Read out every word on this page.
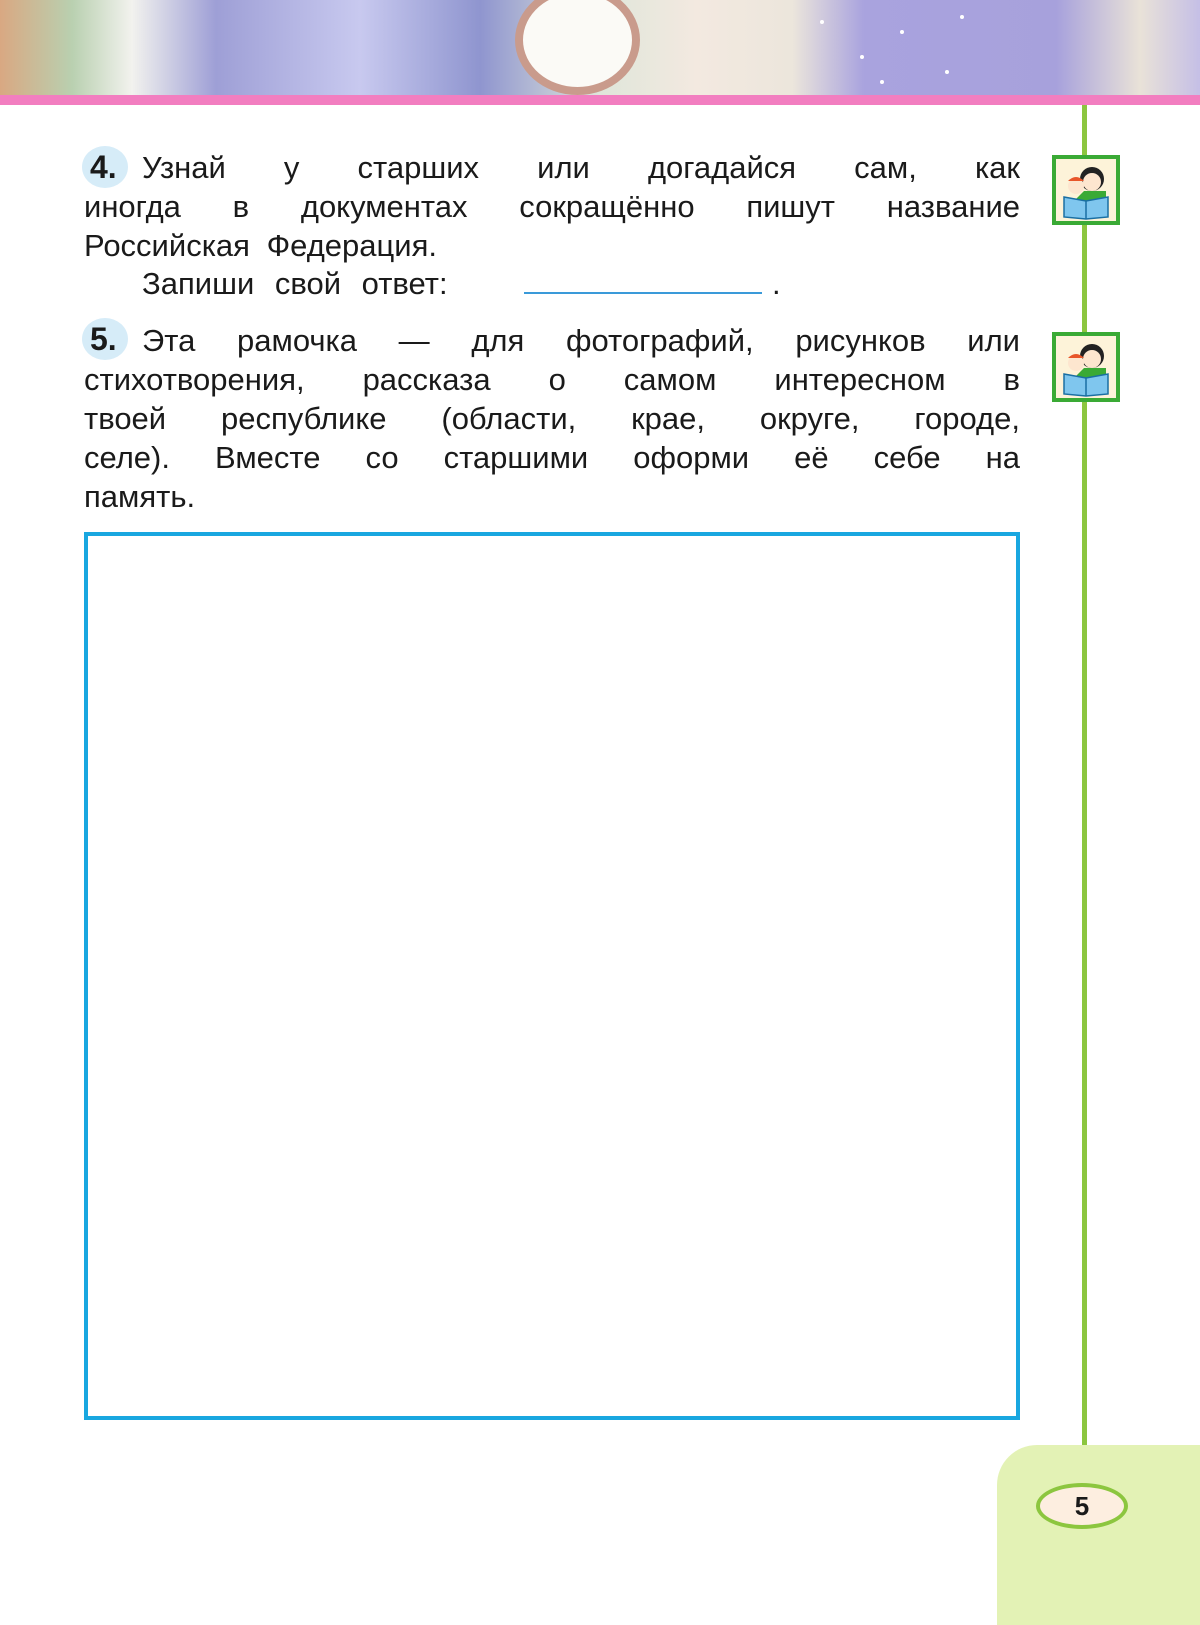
5
4. Узнай у старших или догадайся сам, как
иногда в документах сокращённо пишут название
Российская Федерация.
Запиши свой ответ:	.
5. Эта рамочка — для фотографий, рисунков или
стихотворения, рассказа о самом интересном в
твоей республике (области, крае, округе, городе,
селе). Вместе со старшими оформи её себе на
память.
